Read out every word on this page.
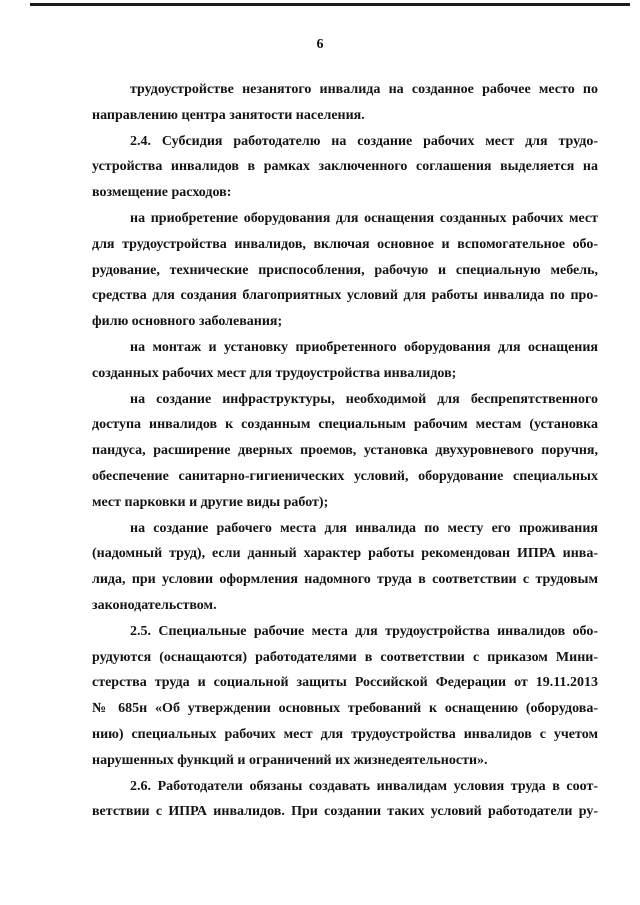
6
трудоустройстве незанятого инвалида на созданное рабочее место по
направлению центра занятости населения.
2.4. Субсидия работодателю на создание рабочих мест для трудо-
устройства инвалидов в рамках заключенного соглашения выделяется на
возмещение расходов:
на приобретение оборудования для оснащения созданных рабочих мест
для трудоустройства инвалидов, включая основное и вспомогательное обо-
рудование, технические приспособления, рабочую и специальную мебель,
средства для создания благоприятных условий для работы инвалида по про-
филю основного заболевания;
на монтаж и установку приобретенного оборудования для оснащения
созданных рабочих мест для трудоустройства инвалидов;
на создание инфраструктуры, необходимой для беспрепятственного
доступа инвалидов к созданным специальным рабочим местам (установка
пандуса, расширение дверных проемов, установка двухуровневого поручня,
обеспечение санитарно-гигиенических условий, оборудование специальных
мест парковки и другие виды работ);
на создание рабочего места для инвалида по месту его проживания
(надомный труд), если данный характер работы рекомендован ИПРА инва-
лида, при условии оформления надомного труда в соответствии с трудовым
законодательством.
2.5. Специальные рабочие места для трудоустройства инвалидов обо-
рудуются (оснащаются) работодателями в соответствии с приказом Мини-
стерства труда и социальной защиты Российской Федерации от 19.11.2013
№ 685н «Об утверждении основных требований к оснащению (оборудова-
нию) специальных рабочих мест для трудоустройства инвалидов с учетом
нарушенных функций и ограничений их жизнедеятельности».
2.6. Работодатели обязаны создавать инвалидам условия труда в соот-
ветствии с ИПРА инвалидов. При создании таких условий работодатели ру-
